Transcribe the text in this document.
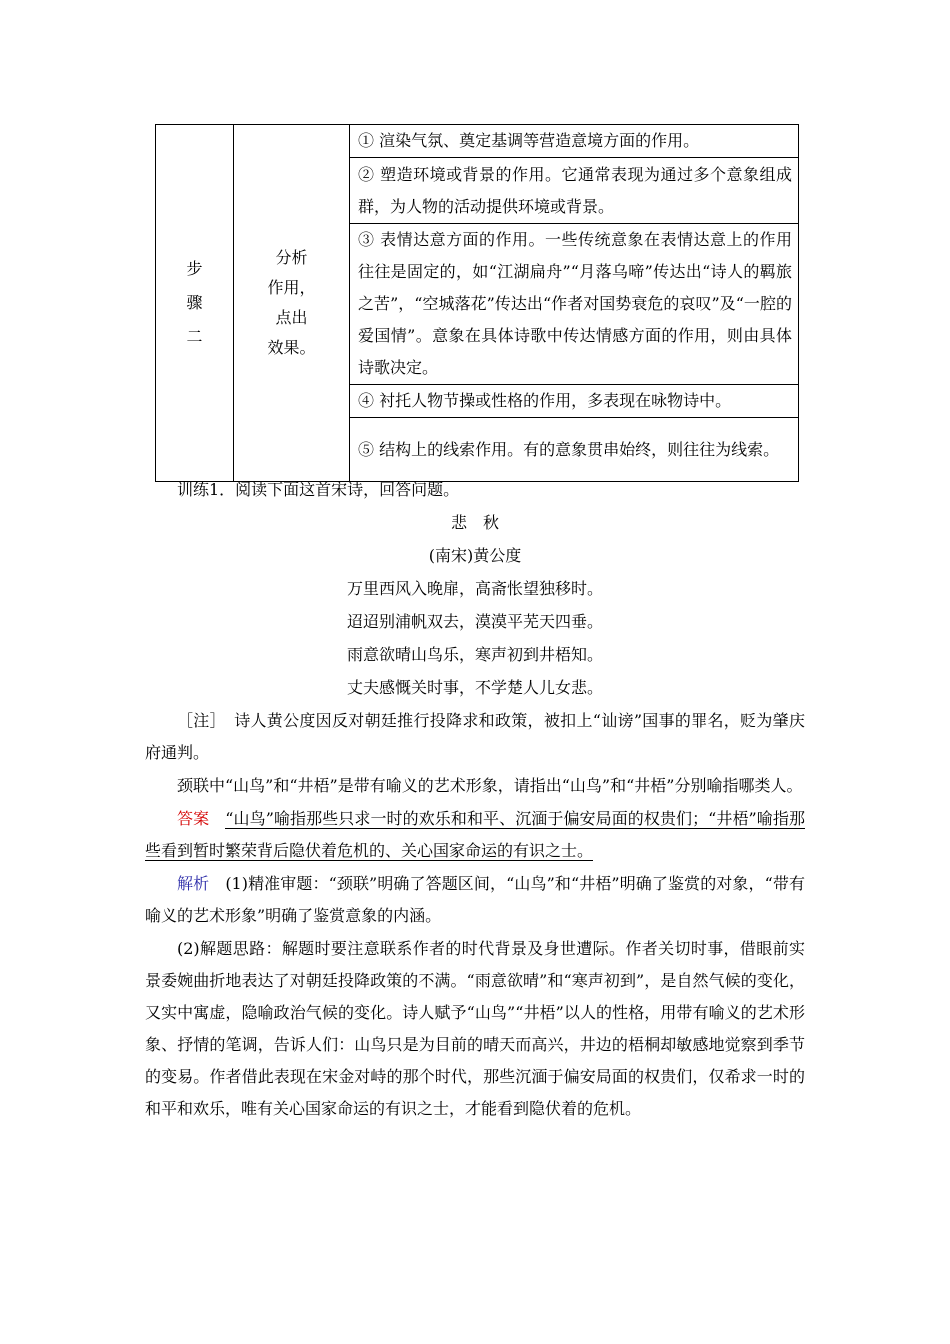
步
骤
二

分析
作用，
点出
效果。

① 渲染气氛、奠定基调等营造意境方面的作用。

② 塑造环境或背景的作用。它通常表现为通过多个意象组成群，为人物的活动提供环境或背景。

③ 表情达意方面的作用。一些传统意象在表情达意上的作用往往是固定的，如“江湖扁舟”“月落乌啼”传达出“诗人的羁旅之苦”，“空城落花”传达出“作者对国势衰危的哀叹”及“一腔的爱国情”。意象在具体诗歌中传达情感方面的作用，则由具体诗歌决定。

④ 衬托人物节操或性格的作用，多表现在咏物诗中。

⑤ 结构上的线索作用。有的意象贯串始终，则往往为线索。
训练1．阅读下面这首宋诗，回答问题。
悲 秋
(南宋)黄公度
万里西风入晚扉，高斋怅望独移时。
迢迢别浦帆双去，漠漠平芜天四垂。
雨意欲晴山鸟乐，寒声初到井梧知。
丈夫感慨关时事，不学楚人儿女悲。
［注］　诗人黄公度因反对朝廷推行投降求和政策，被扣上“讪谤”国事的罪名，贬为肇庆府通判。
颈联中“山鸟”和“井梧”是带有喻义的艺术形象，请指出“山鸟”和“井梧”分别喻指哪类人。
答案　 “山鸟”喻指那些只求一时的欢乐和和平、沉湎于偏安局面的权贵们；“井梧”喻指那些看到暂时繁荣背后隐伏着危机的、关心国家命运的有识之士。
解析　 (1)精准审题：“颈联”明确了答题区间，“山鸟”和“井梧”明确了鉴赏的对象，“带有喻义的艺术形象”明确了鉴赏意象的内涵。
(2)解题思路：解题时要注意联系作者的时代背景及身世遭际。作者关切时事，借眼前实景委婉曲折地表达了对朝廷投降政策的不满。“雨意欲晴”和“寒声初到”，是自然气候的变化，又实中寓虚，隐喻政治气候的变化。诗人赋予“山鸟”“井梧”以人的性格，用带有喻义的艺术形象、抒情的笔调，告诉人们：山鸟只是为目前的晴天而高兴，井边的梧桐却敏感地觉察到季节的变易。作者借此表现在宋金对峙的那个时代，那些沉湎于偏安局面的权贵们，仅希求一时的和平和欢乐，唯有关心国家命运的有识之士，才能看到隐伏着的危机。
